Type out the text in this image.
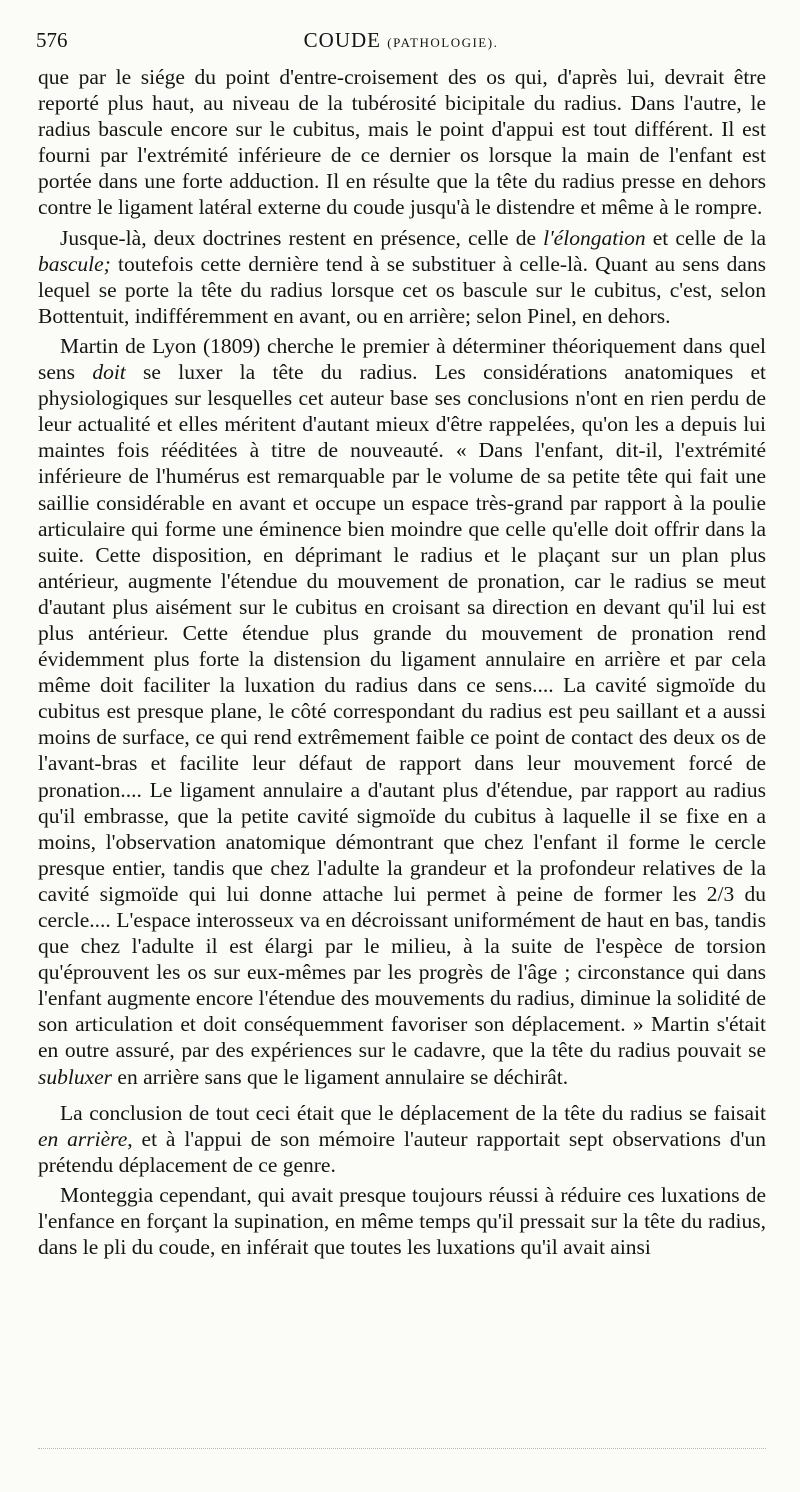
576	COUDE (PATHOLOGIE).

que par le siége du point d'entre-croisement des os qui, d'après lui, devrait être reporté plus haut, au niveau de la tubérosité bicipitale du radius. Dans l'autre, le radius bascule encore sur le cubitus, mais le point d'appui est tout différent. Il est fourni par l'extrémité inférieure de ce dernier os lorsque la main de l'enfant est portée dans une forte adduction. Il en résulte que la tête du radius presse en dehors contre le ligament latéral externe du coude jusqu'à le distendre et même à le rompre.

Jusque-là, deux doctrines restent en présence, celle de l'élongation et celle de la bascule; toutefois cette dernière tend à se substituer à celle-là. Quant au sens dans lequel se porte la tête du radius lorsque cet os bascule sur le cubitus, c'est, selon Bottentuit, indifféremment en avant, ou en arrière; selon Pinel, en dehors.

Martin de Lyon (1809) cherche le premier à déterminer théoriquement dans quel sens doit se luxer la tête du radius. Les considérations anatomiques et physiologiques sur lesquelles cet auteur base ses conclusions n'ont en rien perdu de leur actualité et elles méritent d'autant mieux d'être rappelées, qu'on les a depuis lui maintes fois rééditées à titre de nouveauté. « Dans l'enfant, dit-il, l'extrémité inférieure de l'humérus est remarquable par le volume de sa petite tête qui fait une saillie considérable en avant et occupe un espace très-grand par rapport à la poulie articulaire qui forme une éminence bien moindre que celle qu'elle doit offrir dans la suite. Cette disposition, en déprimant le radius et le plaçant sur un plan plus antérieur, augmente l'étendue du mouvement de pronation, car le radius se meut d'autant plus aisément sur le cubitus en croisant sa direction en devant qu'il lui est plus antérieur. Cette étendue plus grande du mouvement de pronation rend évidemment plus forte la distension du ligament annulaire en arrière et par cela même doit faciliter la luxation du radius dans ce sens.... La cavité sigmoïde du cubitus est presque plane, le côté correspondant du radius est peu saillant et a aussi moins de surface, ce qui rend extrêmement faible ce point de contact des deux os de l'avant-bras et facilite leur défaut de rapport dans leur mouvement forcé de pronation.... Le ligament annulaire a d'autant plus d'étendue, par rapport au radius qu'il embrasse, que la petite cavité sigmoïde du cubitus à laquelle il se fixe en a moins, l'observation anatomique démontrant que chez l'enfant il forme le cercle presque entier, tandis que chez l'adulte la grandeur et la profondeur relatives de la cavité sigmoïde qui lui donne attache lui permet à peine de former les 2/3 du cercle.... L'espace interosseux va en décroissant uniformément de haut en bas, tandis que chez l'adulte il est élargi par le milieu, à la suite de l'espèce de torsion qu'éprouvent les os sur eux-mêmes par les progrès de l'âge ; circonstance qui dans l'enfant augmente encore l'étendue des mouvements du radius, diminue la solidité de son articulation et doit conséquemment favoriser son déplacement. » Martin s'était en outre assuré, par des expériences sur le cadavre, que la tête du radius pouvait se subluxer en arrière sans que le ligament annulaire se déchirât.

La conclusion de tout ceci était que le déplacement de la tête du radius se faisait en arrière, et à l'appui de son mémoire l'auteur rapportait sept observations d'un prétendu déplacement de ce genre.

Monteggia cependant, qui avait presque toujours réussi à réduire ces luxations de l'enfance en forçant la supination, en même temps qu'il pressait sur la tête du radius, dans le pli du coude, en inférait que toutes les luxations qu'il avait ainsi
